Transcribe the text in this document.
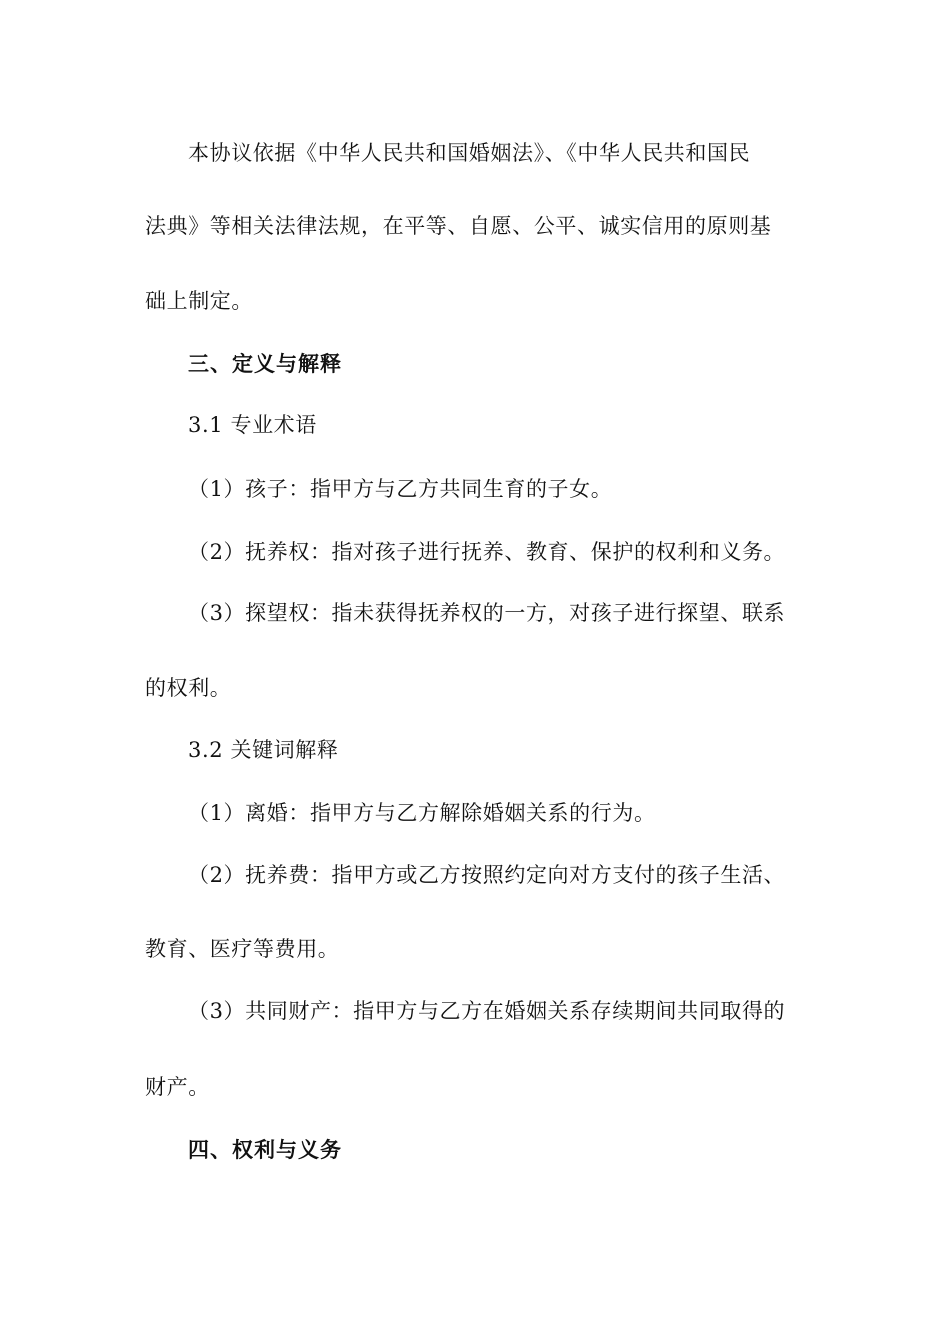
本协议依据《中华人民共和国婚姻法》、《中华人民共和国民
法典》等相关法律法规，在平等、自愿、公平、诚实信用的原则基
础上制定。
三、定义与解释
3.1 专业术语
（1）孩子：指甲方与乙方共同生育的子女。
（2）抚养权：指对孩子进行抚养、教育、保护的权利和义务。
（3）探望权：指未获得抚养权的一方，对孩子进行探望、联系
的权利。
3.2 关键词解释
（1）离婚：指甲方与乙方解除婚姻关系的行为。
（2）抚养费：指甲方或乙方按照约定向对方支付的孩子生活、
教育、医疗等费用。
（3）共同财产：指甲方与乙方在婚姻关系存续期间共同取得的
财产。
四、权利与义务
